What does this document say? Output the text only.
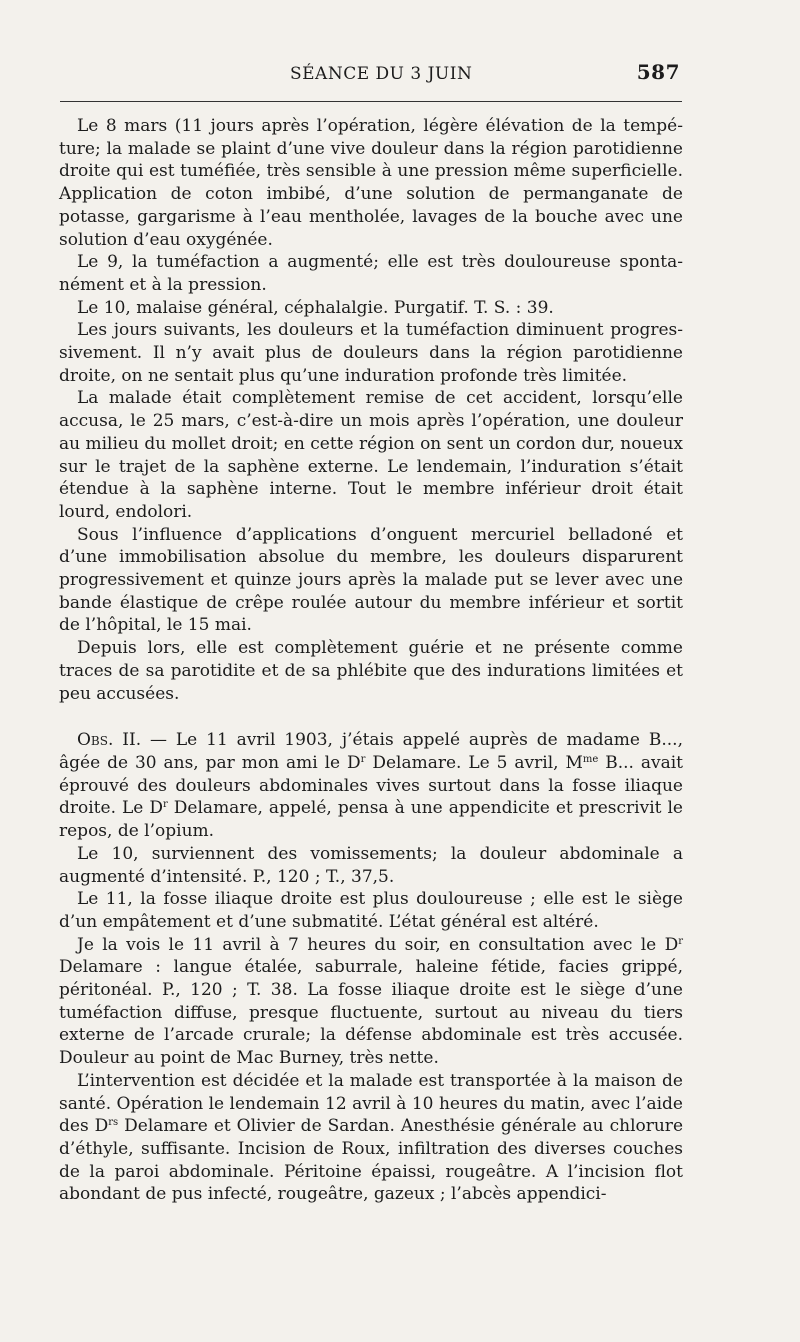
SÉANCE DU 3 JUIN	587

Le 8 mars (11 jours après l’opération, légère élévation de la tempéture; la malade se plaint d’une vive douleur dans la région parotidienne droite qui est tuméfiée, très sensible à une pression même superficielle. Application de coton imbibé, d’une solution de permanganate de potasse, gargarisme à l’eau mentholée, lavages de la bouche avec une solution d’eau oxygénée.

Le 9, la tuméfaction a augmenté; elle est très douloureuse spontanément et à la pression.

Le 10, malaise général, céphalalgie. Purgatif. T. S. : 39.

Les jours suivants, les douleurs et la tuméfaction diminuent progressivement. Il n’y avait plus de douleurs dans la région parotidienne droite, on ne sentait plus qu’une induration profonde très limitée.

La malade était complètement remise de cet accident, lorsqu’elle accusa, le 25 mars, c’est-à-dire un mois après l’opération, une douleur au milieu du mollet droit; en cette région on sent un cordon dur, noueux sur le trajet de la saphène externe. Le lendemain, l’induration s’était étendue à la saphène interne. Tout le membre inférieur droit était lourd, endolori.

Sous l’influence d’applications d’onguent mercuriel belladoné et d’une immobilisation absolue du membre, les douleurs disparurent progressivement et quinze jours après la malade put se lever avec une bande élastique de crêpe roulée autour du membre inférieur et sortit de l’hôpital, le 15 mai.

Depuis lors, elle est complètement guérie et ne présente comme traces de sa parotidite et de sa phlébite que des indurations limitées et peu accusées.

Obs. II. — Le 11 avril 1903, j’étais appelé auprès de madame B..., âgée de 30 ans, par mon ami le $D^r$ Delamare. Le 5 avril, $M^{me}$ B... avait éprouvé des douleurs abdominales vives surtout dans la fosse iliaque droite. Le $D^r$ Delamare, appelé, pensa à une appendicite et prescrivit le repos, de l’opium.

Le 10, surviennent des vomissements; la douleur abdominale a augmenté d’intensité. P., 120 ; T., 37,5.

Le 11, la fosse iliaque droite est plus douloureuse ; elle est le siège d’un empâtement et d’une submatité. L’état général est altéré.

Je la vois le 11 avril à 7 heures du soir, en consultation avec le $D^r$ Delamare : langue étalée, saburrale, haleine fétide, facies grippé, péritonéal. P., 120 ; T. 38. La fosse iliaque droite est le siège d’une tuméfaction diffuse, presque fluctuente, surtout au niveau du tiers externe de l’arcade crurale; la défense abdominale est très accusée. Douleur au point de Mac Burney, très nette.

L’intervention est décidée et la malade est transportée à la maison de santé. Opération le lendemain 12 avril à 10 heures du matin, avec l’aide des $D^{rs}$ Delamare et Olivier de Sardan. Anesthésie générale au chlorure d’éthyle, suffisante. Incision de Roux, infiltration des diverses couches de la paroi abdominale. Péritoine épaissi, rougeâtre. A l’incision flot abondant de pus infecté, rougeâtre, gazeux ; l’abcès appendici-
